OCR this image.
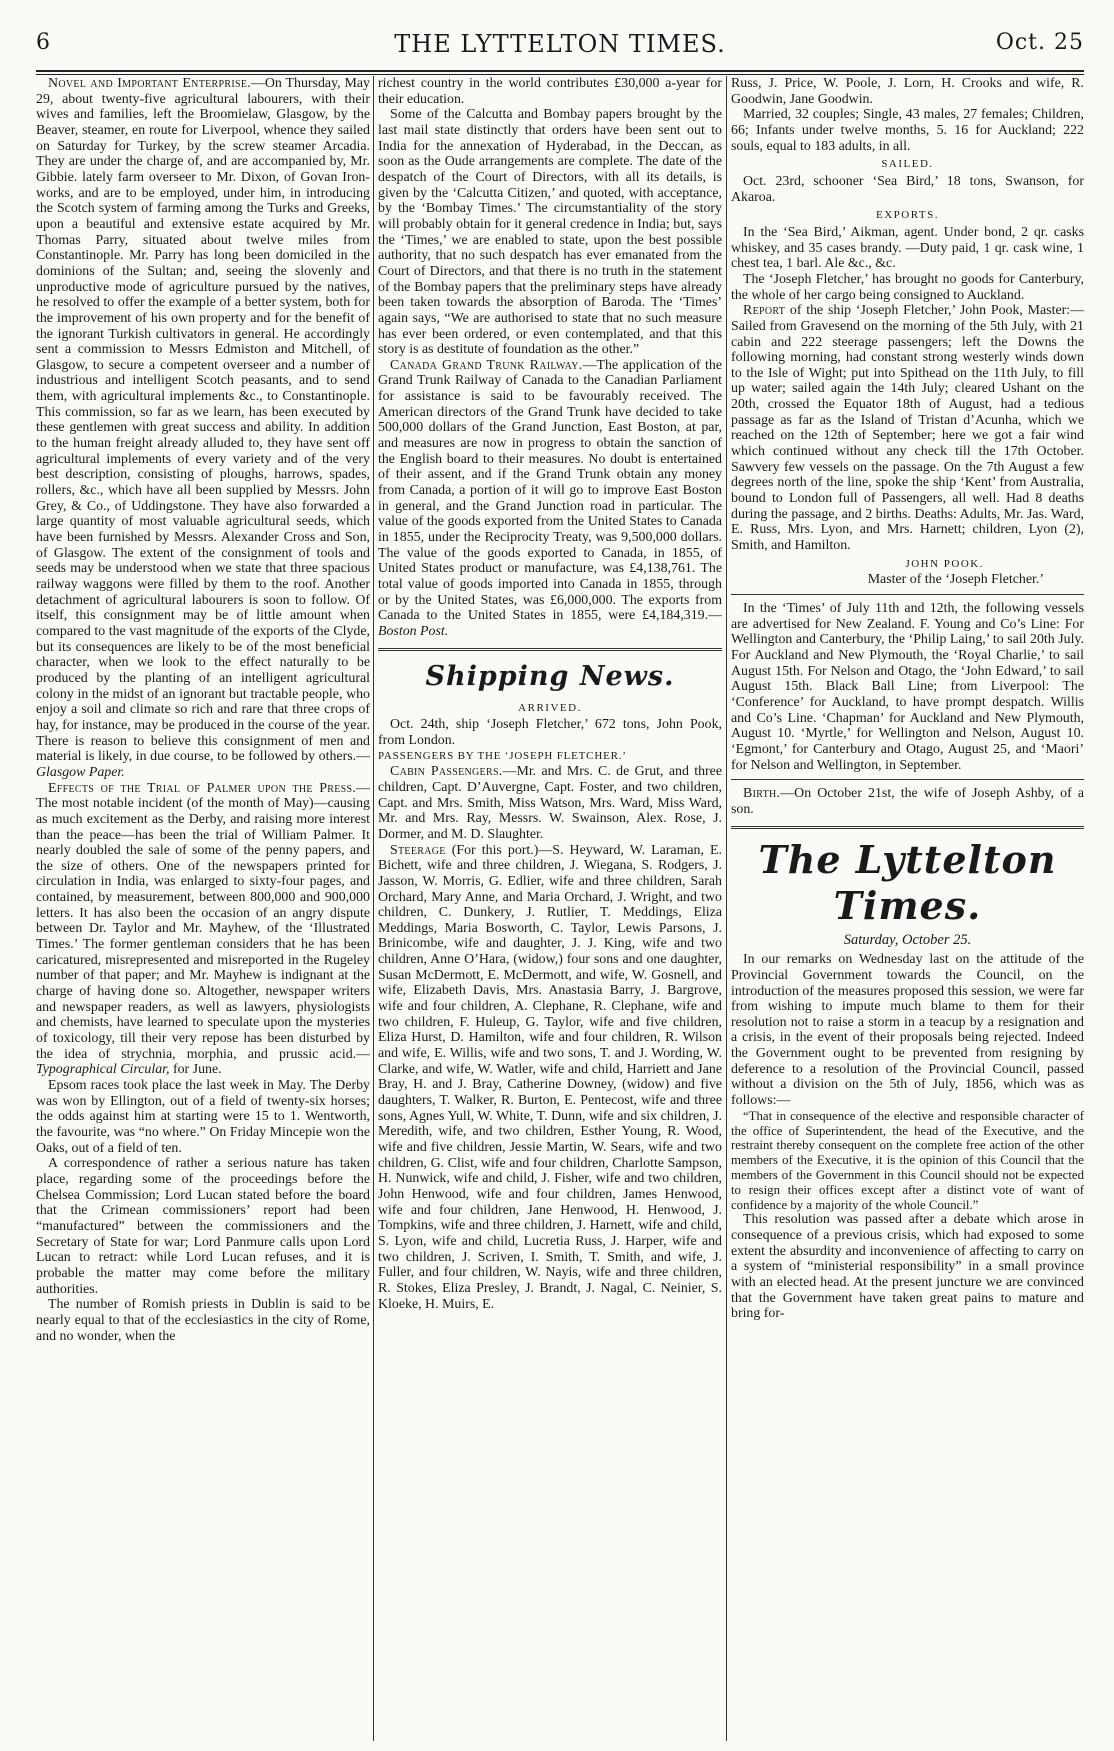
6	THE LYTTELTON TIMES.	Oct. 25

Novel and Important Enterprise.—On Thursday, May 29, about twenty-five agricultural labourers, with their wives and families, left the Broomielaw, Glasgow, by the Beaver, steamer, en route for Liverpool, whence they sailed on Saturday for Turkey, by the screw steamer Arcadia. They are under the charge of, and are accompanied by, Mr. Gibbie. lately farm overseer to Mr. Dixon, of Govan Iron-works, and are to be employed, under him, in introducing the Scotch system of farming among the Turks and Greeks, upon a beautiful and extensive estate acquired by Mr. Thomas Parry, situated about twelve miles from Constantinople. Mr. Parry has long been domiciled in the dominions of the Sultan; and, seeing the slovenly and unproductive mode of agriculture pursued by the natives, he resolved to offer the example of a better system, both for the improvement of his own property and for the benefit of the ignorant Turkish cultivators in general. He accordingly sent a commission to Messrs Edmiston and Mitchell, of Glasgow, to secure a competent overseer and a number of industrious and intelligent Scotch peasants, and to send them, with agricultural implements &c., to Constantinople. This commission, so far as we learn, has been executed by these gentlemen with great success and ability. In addition to the human freight already alluded to, they have sent off agricultural implements of every variety and of the very best description, consisting of ploughs, harrows, spades, rollers, &c., which have all been supplied by Messrs. John Grey, & Co., of Uddingstone. They have also forwarded a large quantity of most valuable agricultural seeds, which have been furnished by Messrs. Alexander Cross and Son, of Glasgow. The extent of the consignment of tools and seeds may be understood when we state that three spacious railway waggons were filled by them to the roof. Another detachment of agricultural labourers is soon to follow. Of itself, this consignment may be of little amount when compared to the vast magnitude of the exports of the Clyde, but its consequences are likely to be of the most beneficial character, when we look to the effect naturally to be produced by the planting of an intelligent agricultural colony in the midst of an ignorant but tractable people, who enjoy a soil and climate so rich and rare that three crops of hay, for instance, may be produced in the course of the year. There is reason to believe this consignment of men and material is likely, in due course, to be followed by others.—Glasgow Paper.

Effects of the Trial of Palmer upon the Press.—The most notable incident (of the month of May)—causing as much excitement as the Derby, and raising more interest than the peace—has been the trial of William Palmer. It nearly doubled the sale of some of the penny papers, and the size of others. One of the newspapers printed for circulation in India, was enlarged to sixty-four pages, and contained, by measurement, between 800,000 and 900,000 letters. It has also been the occasion of an angry dispute between Dr. Taylor and Mr. Mayhew, of the ‘Illustrated Times.’ The former gentleman considers that he has been caricatured, misrepresented and misreported in the Rugeley number of that paper; and Mr. Mayhew is indignant at the charge of having done so. Altogether, newspaper writers and newspaper readers, as well as lawyers, physiologists and chemists, have learned to speculate upon the mysteries of toxicology, till their very repose has been disturbed by the idea of strychnia, morphia, and prussic acid.—Typographical Circular, for June.

Epsom races took place the last week in May. The Derby was won by Ellington, out of a field of twenty-six horses; the odds against him at starting were 15 to 1. Wentworth, the favourite, was “no where.” On Friday Mincepie won the Oaks, out of a field of ten.

A correspondence of rather a serious nature has taken place, regarding some of the proceedings before the Chelsea Commission; Lord Lucan stated before the board that the Crimean commissioners’ report had been “manufactured” between the commissioners and the Secretary of State for war; Lord Panmure calls upon Lord Lucan to retract: while Lord Lucan refuses, and it is probable the matter may come before the military authorities.

The number of Romish priests in Dublin is said to be nearly equal to that of the ecclesiastics in the city of Rome, and no wonder, when the

richest country in the world contributes £30,000 a-year for their education.

Some of the Calcutta and Bombay papers brought by the last mail state distinctly that orders have been sent out to India for the annexation of Hyderabad, in the Deccan, as soon as the Oude arrangements are complete. The date of the despatch of the Court of Directors, with all its details, is given by the ‘Calcutta Citizen,’ and quoted, with acceptance, by the ‘Bombay Times.’ The circumstantiality of the story will probably obtain for it general credence in India; but, says the ‘Times,’ we are enabled to state, upon the best possible authority, that no such despatch has ever emanated from the Court of Directors, and that there is no truth in the statement of the Bombay papers that the preliminary steps have already been taken towards the absorption of Baroda. The ‘Times’ again says, “We are authorised to state that no such measure has ever been ordered, or even contemplated, and that this story is as destitute of foundation as the other.”

Canada Grand Trunk Railway.—The application of the Grand Trunk Railway of Canada to the Canadian Parliament for assistance is said to be favourably received. The American directors of the Grand Trunk have decided to take 500,000 dollars of the Grand Junction, East Boston, at par, and measures are now in progress to obtain the sanction of the English board to their measures. No doubt is entertained of their assent, and if the Grand Trunk obtain any money from Canada, a portion of it will go to improve East Boston in general, and the Grand Junction road in particular. The value of the goods exported from the United States to Canada in 1855, under the Reciprocity Treaty, was 9,500,000 dollars. The value of the goods exported to Canada, in 1855, of United States product or manufacture, was £4,138,761. The total value of goods imported into Canada in 1855, through or by the United States, was £6,000,000. The exports from Canada to the United States in 1855, were £4,184,319.—Boston Post.

Shipping News.
ARRIVED.

Oct. 24th, ship ‘Joseph Fletcher,’ 672 tons, John Pook, from London.

PASSENGERS BY THE ‘JOSEPH FLETCHER.’

Cabin Passengers.—Mr. and Mrs. C. de Grut, and three children, Capt. D’Auvergne, Capt. Foster, and two children, Capt. and Mrs. Smith, Miss Watson, Mrs. Ward, Miss Ward, Mr. and Mrs. Ray, Messrs. W. Swainson, Alex. Rose, J. Dormer, and M. D. Slaughter.

Steerage (For this port.)—S. Heyward, W. Laraman, E. Bichett, wife and three children, J. Wiegana, S. Rodgers, J. Jasson, W. Morris, G. Edlier, wife and three children, Sarah Orchard, Mary Anne, and Maria Orchard, J. Wright, and two children, C. Dunkery, J. Rutlier, T. Meddings, Eliza Meddings, Maria Bosworth, C. Taylor, Lewis Parsons, J. Brinicombe, wife and daughter, J. J. King, wife and two children, Anne O’Hara, (widow,) four sons and one daughter, Susan McDermott, E. McDermott, and wife, W. Gosnell, and wife, Elizabeth Davis, Mrs. Anastasia Barry, J. Bargrove, wife and four children, A. Clephane, R. Clephane, wife and two children, F. Huleup, G. Taylor, wife and five children, Eliza Hurst, D. Hamilton, wife and four children, R. Wilson and wife, E. Willis, wife and two sons, T. and J. Wording, W. Clarke, and wife, W. Watler, wife and child, Harriett and Jane Bray, H. and J. Bray, Catherine Downey, (widow) and five daughters, T. Walker, R. Burton, E. Pentecost, wife and three sons, Agnes Yull, W. White, T. Dunn, wife and six children, J. Meredith, wife, and two children, Esther Young, R. Wood, wife and five children, Jessie Martin, W. Sears, wife and two children, G. Clist, wife and four children, Charlotte Sampson, H. Nunwick, wife and child, J. Fisher, wife and two children, John Henwood, wife and four children, James Henwood, wife and four children, Jane Henwood, H. Henwood, J. Tompkins, wife and three children, J. Harnett, wife and child, S. Lyon, wife and child, Lucretia Russ, J. Harper, wife and two children, J. Scriven, I. Smith, T. Smith, and wife, J. Fuller, and four children, W. Nayis, wife and three children, R. Stokes, Eliza Presley, J. Brandt, J. Nagal, C. Neinier, S. Kloeke, H. Muirs, E.

Russ, J. Price, W. Poole, J. Lorn, H. Crooks and wife, R. Goodwin, Jane Goodwin.

Married, 32 couples; Single, 43 males, 27 females; Children, 66; Infants under twelve months, 5. 16 for Auckland; 222 souls, equal to 183 adults, in all.

SAILED.

Oct. 23rd, schooner ‘Sea Bird,’ 18 tons, Swanson, for Akaroa.

EXPORTS.

In the ‘Sea Bird,’ Aikman, agent. Under bond, 2 qr. casks whiskey, and 35 cases brandy. —Duty paid, 1 qr. cask wine, 1 chest tea, 1 barl. Ale &c., &c.

The ‘Joseph Fletcher,’ has brought no goods for Canterbury, the whole of her cargo being consigned to Auckland.

Report of the ship ‘Joseph Fletcher,’ John Pook, Master:—Sailed from Gravesend on the morning of the 5th July, with 21 cabin and 222 steerage passengers; left the Downs the following morning, had constant strong westerly winds down to the Isle of Wight; put into Spithead on the 11th July, to fill up water; sailed again the 14th July; cleared Ushant on the 20th, crossed the Equator 18th of August, had a tedious passage as far as the Island of Tristan d’Acunha, which we reached on the 12th of September; here we got a fair wind which continued without any check till the 17th October. Sawvery few vessels on the passage. On the 7th August a few degrees north of the line, spoke the ship ‘Kent’ from Australia, bound to London full of Passengers, all well. Had 8 deaths during the passage, and 2 births. Deaths: Adults, Mr. Jas. Ward, E. Russ, Mrs. Lyon, and Mrs. Harnett; children, Lyon (2), Smith, and Hamilton.

JOHN POOK.
Master of the ‘Joseph Fletcher.’

In the ‘Times’ of July 11th and 12th, the following vessels are advertised for New Zealand. F. Young and Co’s Line: For Wellington and Canterbury, the ‘Philip Laing,’ to sail 20th July. For Auckland and New Plymouth, the ‘Royal Charlie,’ to sail August 15th. For Nelson and Otago, the ‘John Edward,’ to sail August 15th. Black Ball Line; from Liverpool: The ‘Conference’ for Auckland, to have prompt despatch. Willis and Co’s Line. ‘Chapman’ for Auckland and New Plymouth, August 10. ‘Myrtle,’ for Wellington and Nelson, August 10. ‘Egmont,’ for Canterbury and Otago, August 25, and ‘Maori’ for Nelson and Wellington, in September.

Birth.—On October 21st, the wife of Joseph Ashby, of a son.

The Lyttelton Times.
Saturday, October 25.

In our remarks on Wednesday last on the attitude of the Provincial Government towards the Council, on the introduction of the measures proposed this session, we were far from wishing to impute much blame to them for their resolution not to raise a storm in a teacup by a resignation and a crisis, in the event of their proposals being rejected. Indeed the Government ought to be prevented from resigning by deference to a resolution of the Provincial Council, passed without a division on the 5th of July, 1856, which was as follows:—

“That in consequence of the elective and responsible character of the office of Superintendent, the head of the Executive, and the restraint thereby consequent on the complete free action of the other members of the Executive, it is the opinion of this Council that the members of the Government in this Council should not be expected to resign their offices except after a distinct vote of want of confidence by a majority of the whole Council.”

This resolution was passed after a debate which arose in consequence of a previous crisis, which had exposed to some extent the absurdity and inconvenience of affecting to carry on a system of “ministerial responsibility” in a small province with an elected head. At the present juncture we are convinced that the Government have taken great pains to mature and bring for-
